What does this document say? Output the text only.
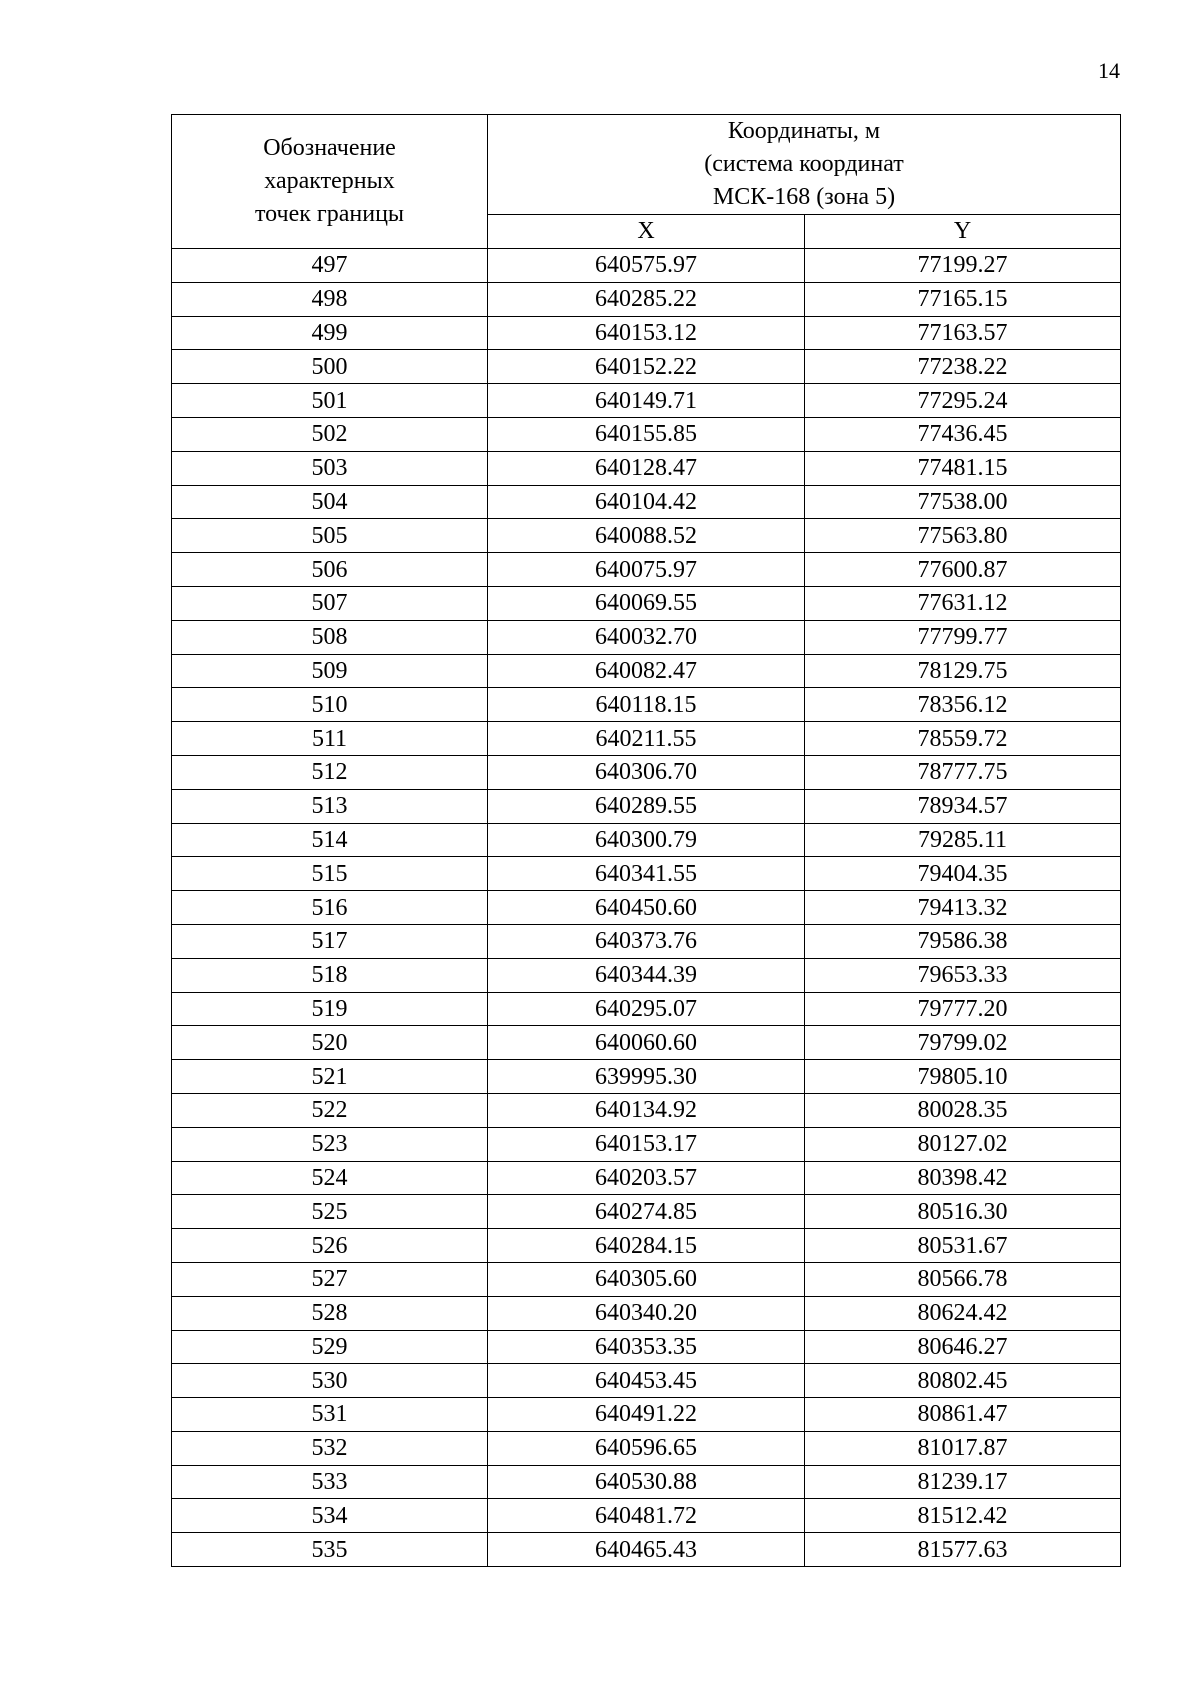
14
Обозначение
характерных
точек границы	Координаты, м
(система координат
МСК-168 (зона 5)	

	X	Y
497	640575.97	77199.27
498	640285.22	77165.15
499	640153.12	77163.57
500	640152.22	77238.22
501	640149.71	77295.24
502	640155.85	77436.45
503	640128.47	77481.15
504	640104.42	77538.00
505	640088.52	77563.80
506	640075.97	77600.87
507	640069.55	77631.12
508	640032.70	77799.77
509	640082.47	78129.75
510	640118.15	78356.12
511	640211.55	78559.72
512	640306.70	78777.75
513	640289.55	78934.57
514	640300.79	79285.11
515	640341.55	79404.35
516	640450.60	79413.32
517	640373.76	79586.38
518	640344.39	79653.33
519	640295.07	79777.20
520	640060.60	79799.02
521	639995.30	79805.10
522	640134.92	80028.35
523	640153.17	80127.02
524	640203.57	80398.42
525	640274.85	80516.30
526	640284.15	80531.67
527	640305.60	80566.78
528	640340.20	80624.42
529	640353.35	80646.27
530	640453.45	80802.45
531	640491.22	80861.47
532	640596.65	81017.87
533	640530.88	81239.17
534	640481.72	81512.42
535	640465.43	81577.63
